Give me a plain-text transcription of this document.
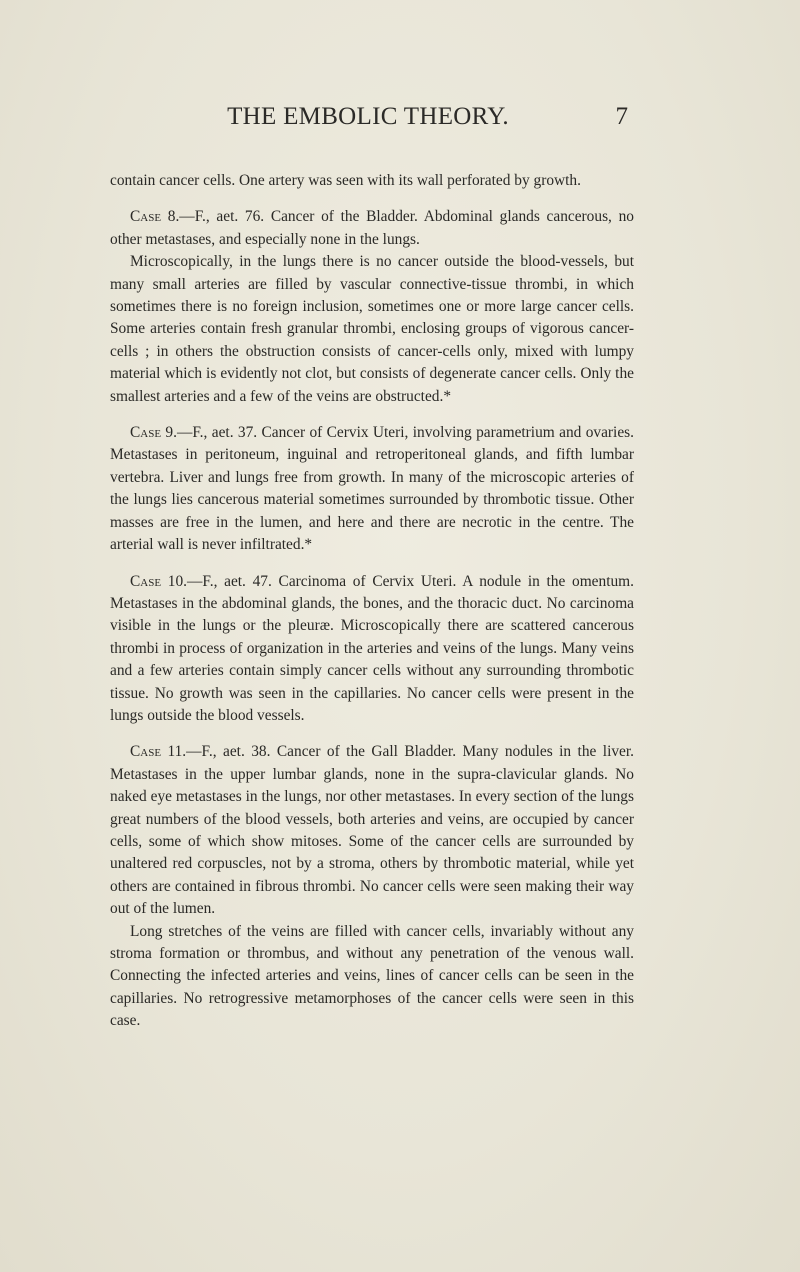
THE EMBOLIC THEORY.	7

contain cancer cells. One artery was seen with its wall perforated by growth.

Case 8.—F., aet. 76. Cancer of the Bladder. Abdominal glands cancerous, no other metastases, and especially none in the lungs.

Microscopically, in the lungs there is no cancer outside the blood-vessels, but many small arteries are filled by vascular connective-tissue thrombi, in which sometimes there is no foreign inclusion, sometimes one or more large cancer cells. Some arteries contain fresh granular thrombi, enclosing groups of vigorous cancer-cells ; in others the obstruction consists of cancer-cells only, mixed with lumpy material which is evidently not clot, but consists of degenerate cancer cells. Only the smallest arteries and a few of the veins are obstructed.*

Case 9.—F., aet. 37. Cancer of Cervix Uteri, involving parametrium and ovaries. Metastases in peritoneum, inguinal and retroperitoneal glands, and fifth lumbar vertebra. Liver and lungs free from growth. In many of the microscopic arteries of the lungs lies cancerous material sometimes surrounded by thrombotic tissue. Other masses are free in the lumen, and here and there are necrotic in the centre. The arterial wall is never infiltrated.*

Case 10.—F., aet. 47. Carcinoma of Cervix Uteri. A nodule in the omentum. Metastases in the abdominal glands, the bones, and the thoracic duct. No carcinoma visible in the lungs or the pleuræ. Microscopically there are scattered cancerous thrombi in process of organization in the arteries and veins of the lungs. Many veins and a few arteries contain simply cancer cells without any surrounding thrombotic tissue. No growth was seen in the capillaries. No cancer cells were present in the lungs outside the blood vessels.

Case 11.—F., aet. 38. Cancer of the Gall Bladder. Many nodules in the liver. Metastases in the upper lumbar glands, none in the supra-clavicular glands. No naked eye metastases in the lungs, nor other metastases. In every section of the lungs great numbers of the blood vessels, both arteries and veins, are occupied by cancer cells, some of which show mitoses. Some of the cancer cells are surrounded by unaltered red corpuscles, not by a stroma, others by thrombotic material, while yet others are contained in fibrous thrombi. No cancer cells were seen making their way out of the lumen.

Long stretches of the veins are filled with cancer cells, invariably without any stroma formation or thrombus, and without any penetration of the venous wall. Connecting the infected arteries and veins, lines of cancer cells can be seen in the capillaries. No retrogressive metamorphoses of the cancer cells were seen in this case.
